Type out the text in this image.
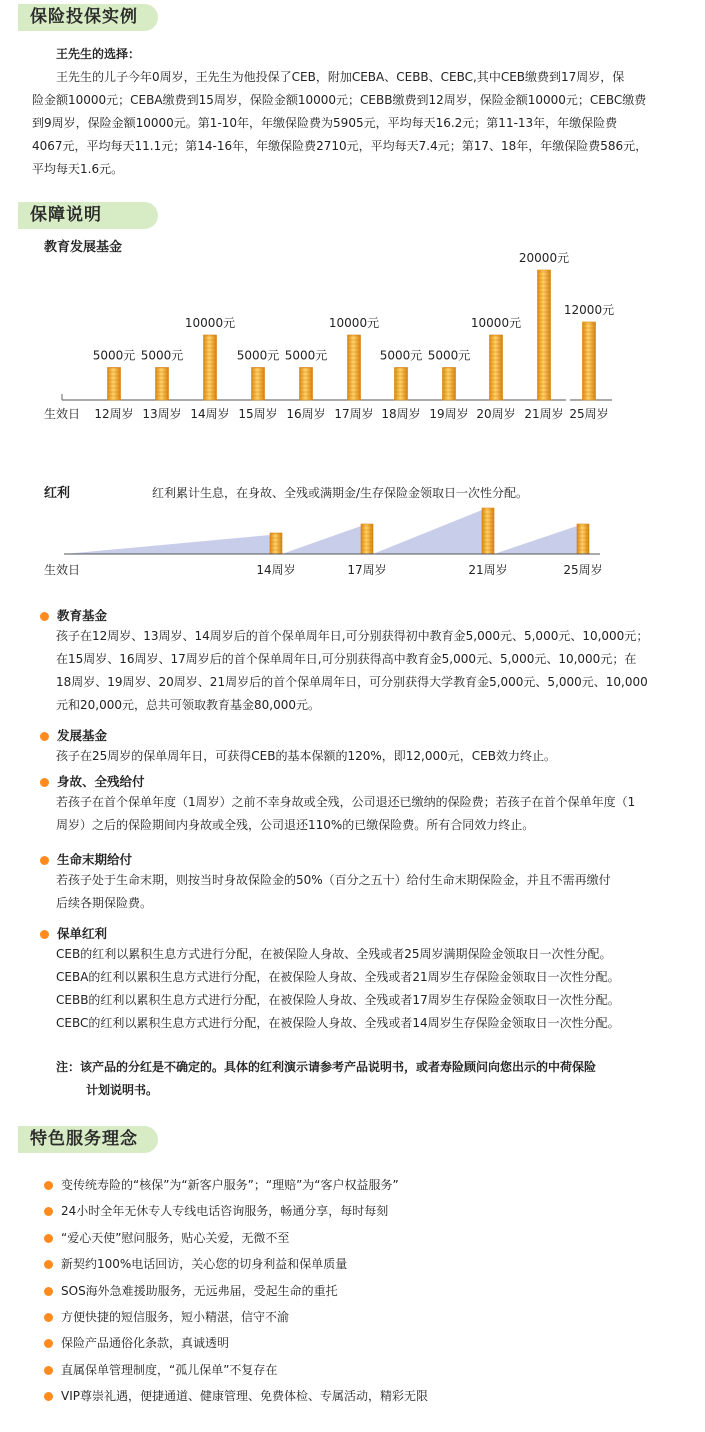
保险投保实例
王先生的选择：
王先生的儿子今年0周岁，王先生为他投保了CEB，附加CEBA、CEBB、CEBC,其中CEB缴费到17周岁，保
险金额10000元；CEBA缴费到15周岁，保险金额10000元；CEBB缴费到12周岁，保险金额10000元；CEBC缴费
到9周岁，保险金额10000元。第1-10年，年缴保险费为5905元，平均每天16.2元；第11-13年，年缴保险费
4067元，平均每天11.1元；第14-16年，年缴保险费2710元，平均每天7.4元；第17、18年，年缴保险费586元，
平均每天1.6元。
保障说明
教育发展基金
生效日
5000元
12周岁
5000元
13周岁
10000元
14周岁
5000元
15周岁
5000元
16周岁
10000元
17周岁
5000元
18周岁
5000元
19周岁
10000元
20周岁
20000元
21周岁
12000元
25周岁
红利	红利累计生息，在身故、全残或满期金/生存保险金领取日一次性分配。
14周岁	17周岁	21周岁	25周岁
生效日
教育基金
孩子在12周岁、13周岁、14周岁后的首个保单周年日,可分别获得初中教育金5,000元、5,000元、10,000元；
在15周岁、16周岁、17周岁后的首个保单周年日,可分别获得高中教育金5,000元、5,000元、10,000元；在
18周岁、19周岁、20周岁、21周岁后的首个保单周年日，可分别获得大学教育金5,000元、5,000元、10,000
元和20,000元，总共可领取教育基金80,000元。
发展基金
孩子在25周岁的保单周年日，可获得CEB的基本保额的120%，即12,000元，CEB效力终止。
身故、全残给付
若孩子在首个保单年度（1周岁）之前不幸身故或全残，公司退还已缴纳的保险费；若孩子在首个保单年度（1
周岁）之后的保险期间内身故或全残，公司退还110%的已缴保险费。所有合同效力终止。
生命末期给付
若孩子处于生命末期，则按当时身故保险金的50%（百分之五十）给付生命末期保险金，并且不需再缴付
后续各期保险费。
保单红利
CEB的红利以累积生息方式进行分配，在被保险人身故、全残或者25周岁满期保险金领取日一次性分配。
CEBA的红利以累积生息方式进行分配，在被保险人身故、全残或者21周岁生存保险金领取日一次性分配。
CEBB的红利以累积生息方式进行分配，在被保险人身故、全残或者17周岁生存保险金领取日一次性分配。
CEBC的红利以累积生息方式进行分配，在被保险人身故、全残或者14周岁生存保险金领取日一次性分配。
注：该产品的分红是不确定的。具体的红利演示请参考产品说明书，或者寿险顾问向您出示的中荷保险
计划说明书。
特色服务理念
变传统寿险的“核保”为“新客户服务”；“理赔”为“客户权益服务”
24小时全年无休专人专线电话咨询服务，畅通分享，每时每刻
“爱心天使”慰问服务，贴心关爱，无微不至
新契约100%电话回访，关心您的切身利益和保单质量
SOS海外急难援助服务，无远弗届，受起生命的重托
方便快捷的短信服务，短小精湛，信守不渝
保险产品通俗化条款，真诚透明
直属保单管理制度，“孤儿保单”不复存在
VIP尊崇礼遇，便捷通道、健康管理、免费体检、专属活动，精彩无限
